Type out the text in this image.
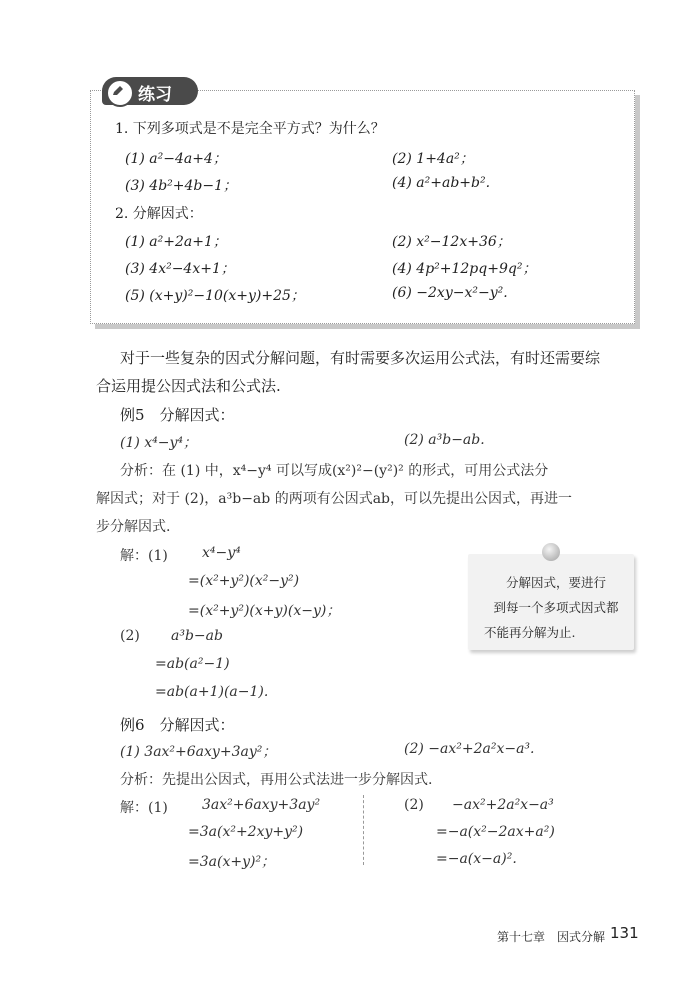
练习
1. 下列多项式是不是完全平方式？为什么？
(1) a²−4a+4；	(2) 1+4a²；
(3) 4b²+4b−1；	(4) a²+ab+b².
2. 分解因式：
(1) a²+2a+1；	(2) x²−12x+36；
(3) 4x²−4x+1；	(4) 4p²+12pq+9q²；
(5) (x+y)²−10(x+y)+25；	(6) −2xy−x²−y².
对于一些复杂的因式分解问题，有时需要多次运用公式法，有时还需要综
合运用提公因式法和公式法.
例5　分解因式：
(1) x⁴−y⁴；	(2) a³b−ab.
分析：在 (1) 中，x⁴−y⁴ 可以写成(x²)²−(y²)² 的形式，可用公式法分
解因式；对于 (2)，a³b−ab 的两项有公因式ab，可以先提出公因式，再进一
步分解因式.
解：(1) x⁴−y⁴
=(x²+y²)(x²−y²)
=(x²+y²)(x+y)(x−y)；
(2) a³b−ab
=ab(a²−1)
=ab(a+1)(a−1).
分解因式，要进行
到每一个多项式因式都
不能再分解为止.
例6　分解因式：
(1) 3ax²+6axy+3ay²；	(2) −ax²+2a²x−a³.
分析：先提出公因式，再用公式法进一步分解因式.
解：(1) 3ax²+6axy+3ay²
=3a(x²+2xy+y²)
=3a(x+y)²；
(2) −ax²+2a²x−a³
=−a(x²−2ax+a²)
=−a(x−a)².
第十七章　因式分解 131
